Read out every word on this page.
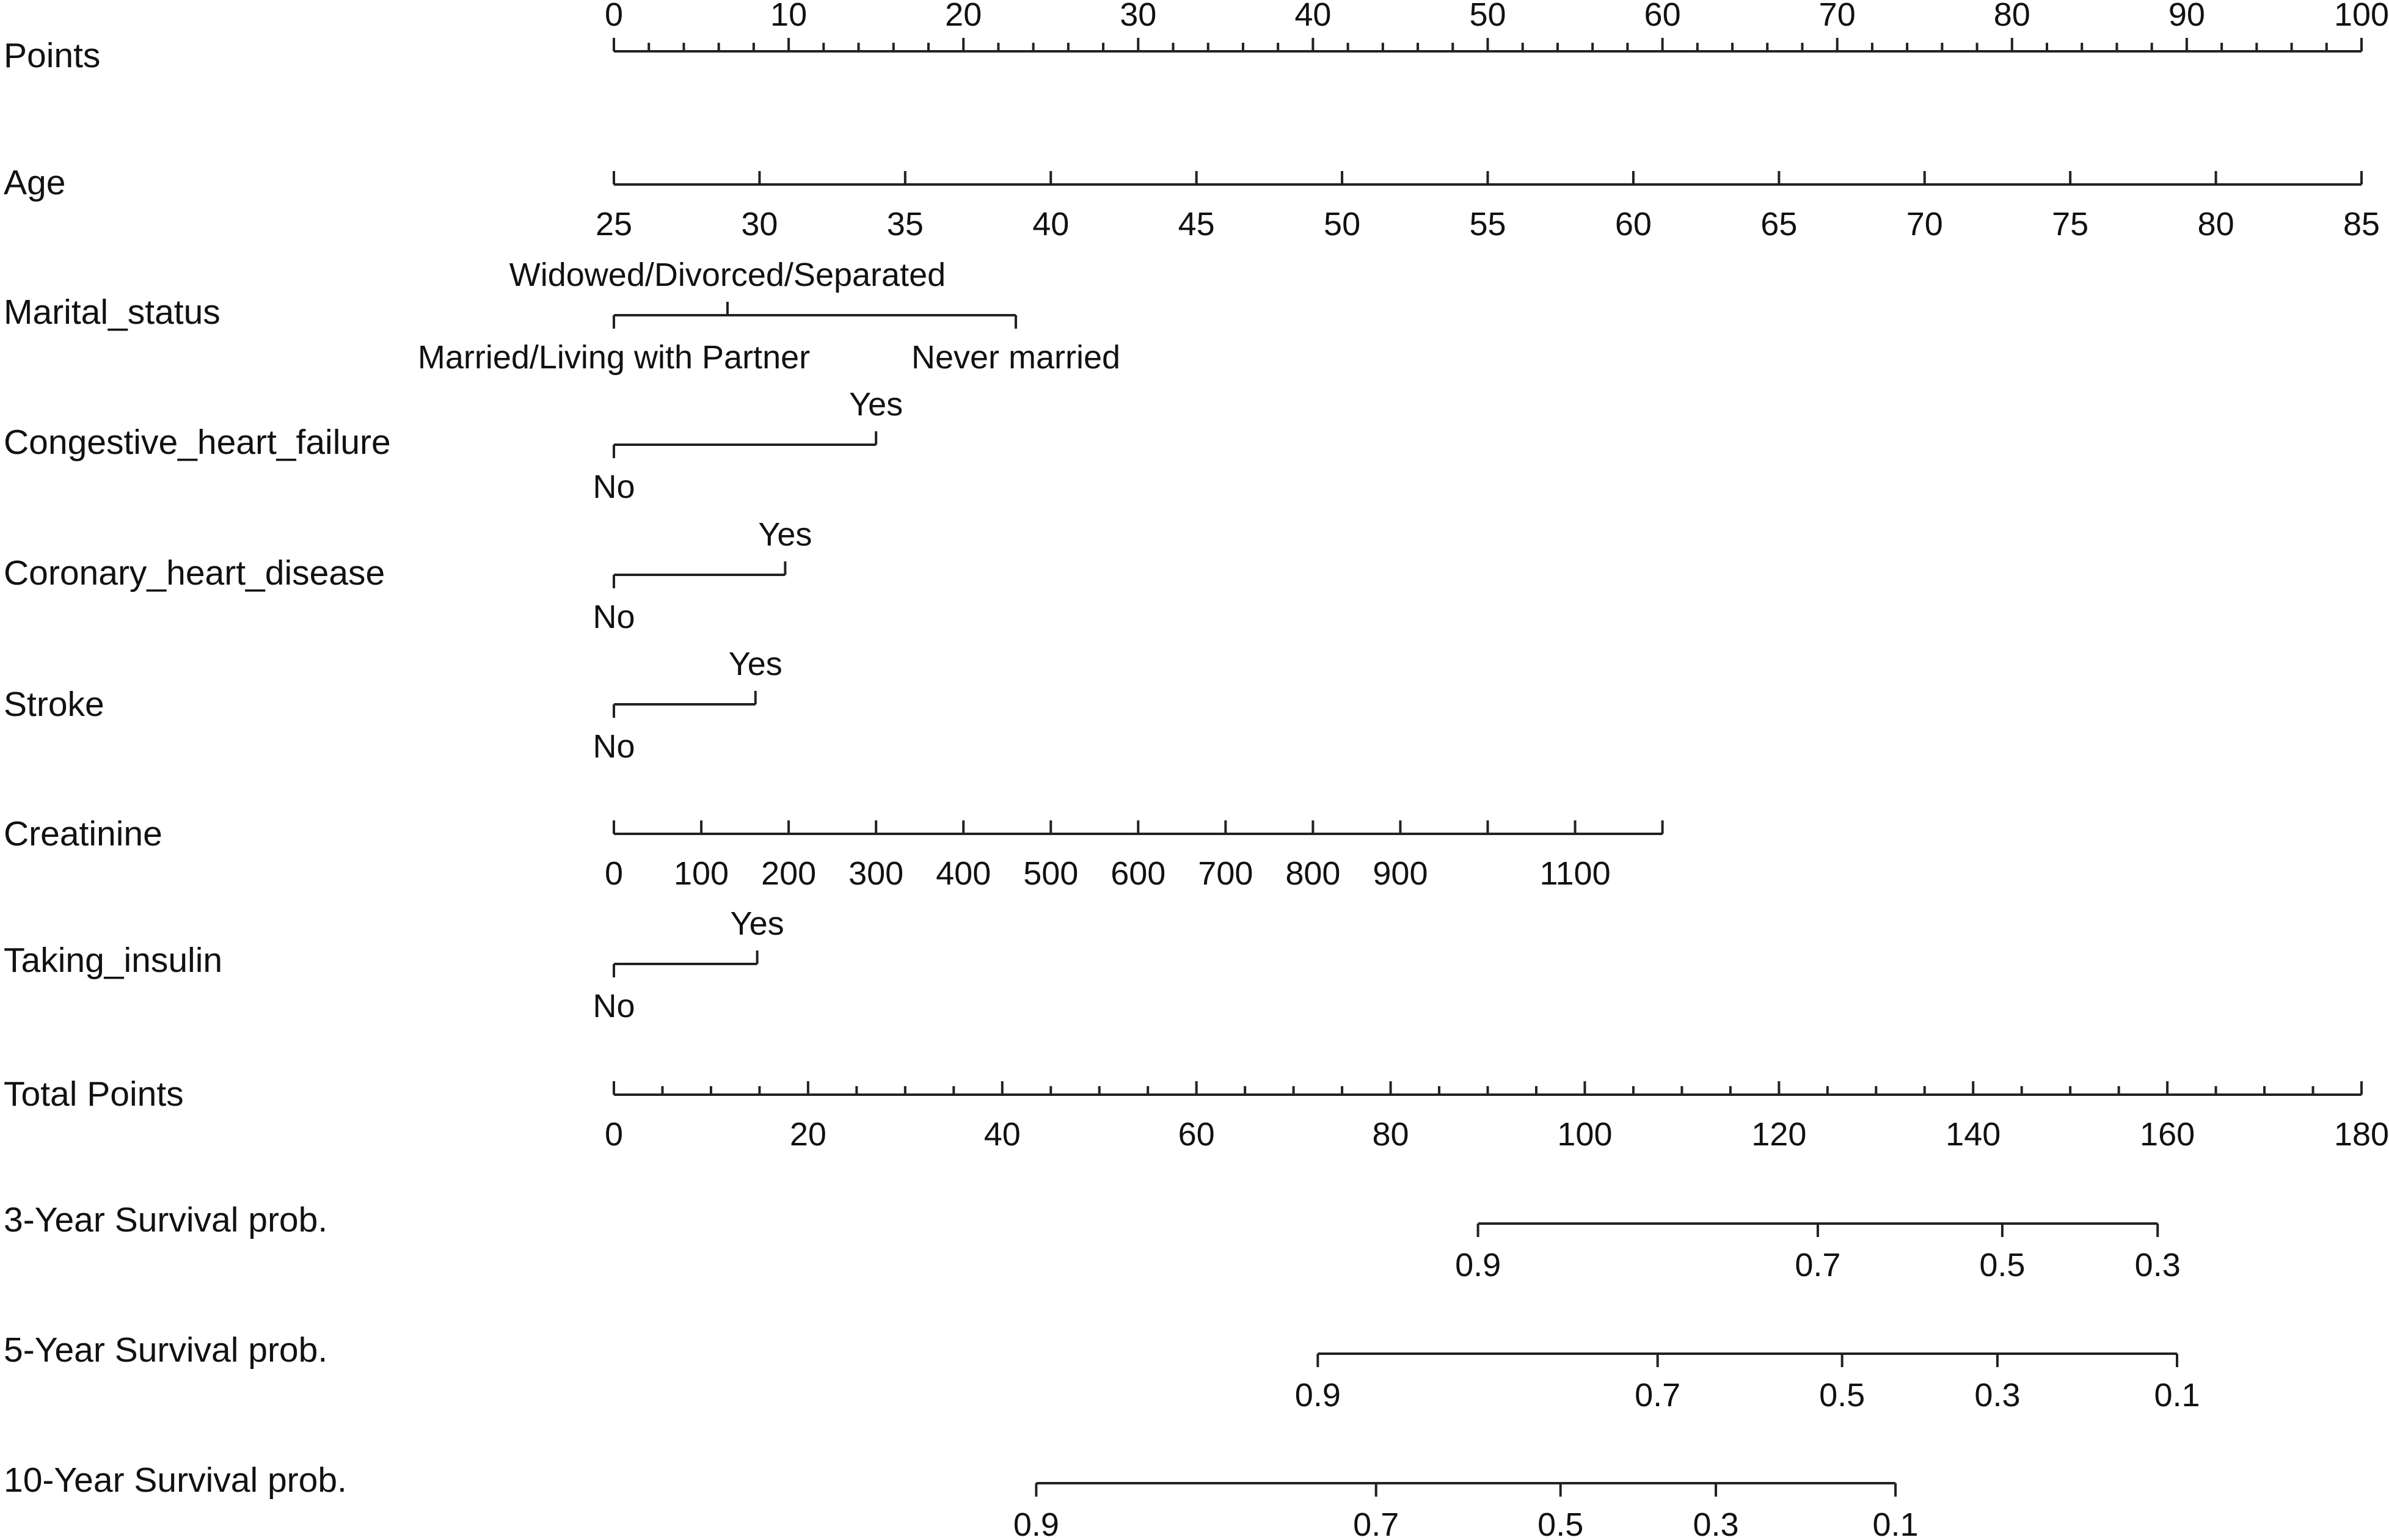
Points
0	10	20	30	40	50	60	70	80	90	100
Age
25	30	35	40	45	50	55	60	65	70	75	80	85
Marital_status
Married/Living with Partner
Widowed/Divorced/Separated
Never married
Congestive_heart_failure
No
Yes
Coronary_heart_disease
No
Yes
Stroke
No
Yes
Creatinine
0 100 200 300 400 500 600 700 800 900	1100
Taking_insulin
No
Yes
Total Points
0	20	40	60	80	100	120	140	160	180
3-Year Survival prob.
0.9	0.7	0.5	0.3
5-Year Survival prob.
0.9	0.7	0.5	0.3	0.1
10-Year Survival prob.
0.9	0.7	0.5	0.3	0.1
